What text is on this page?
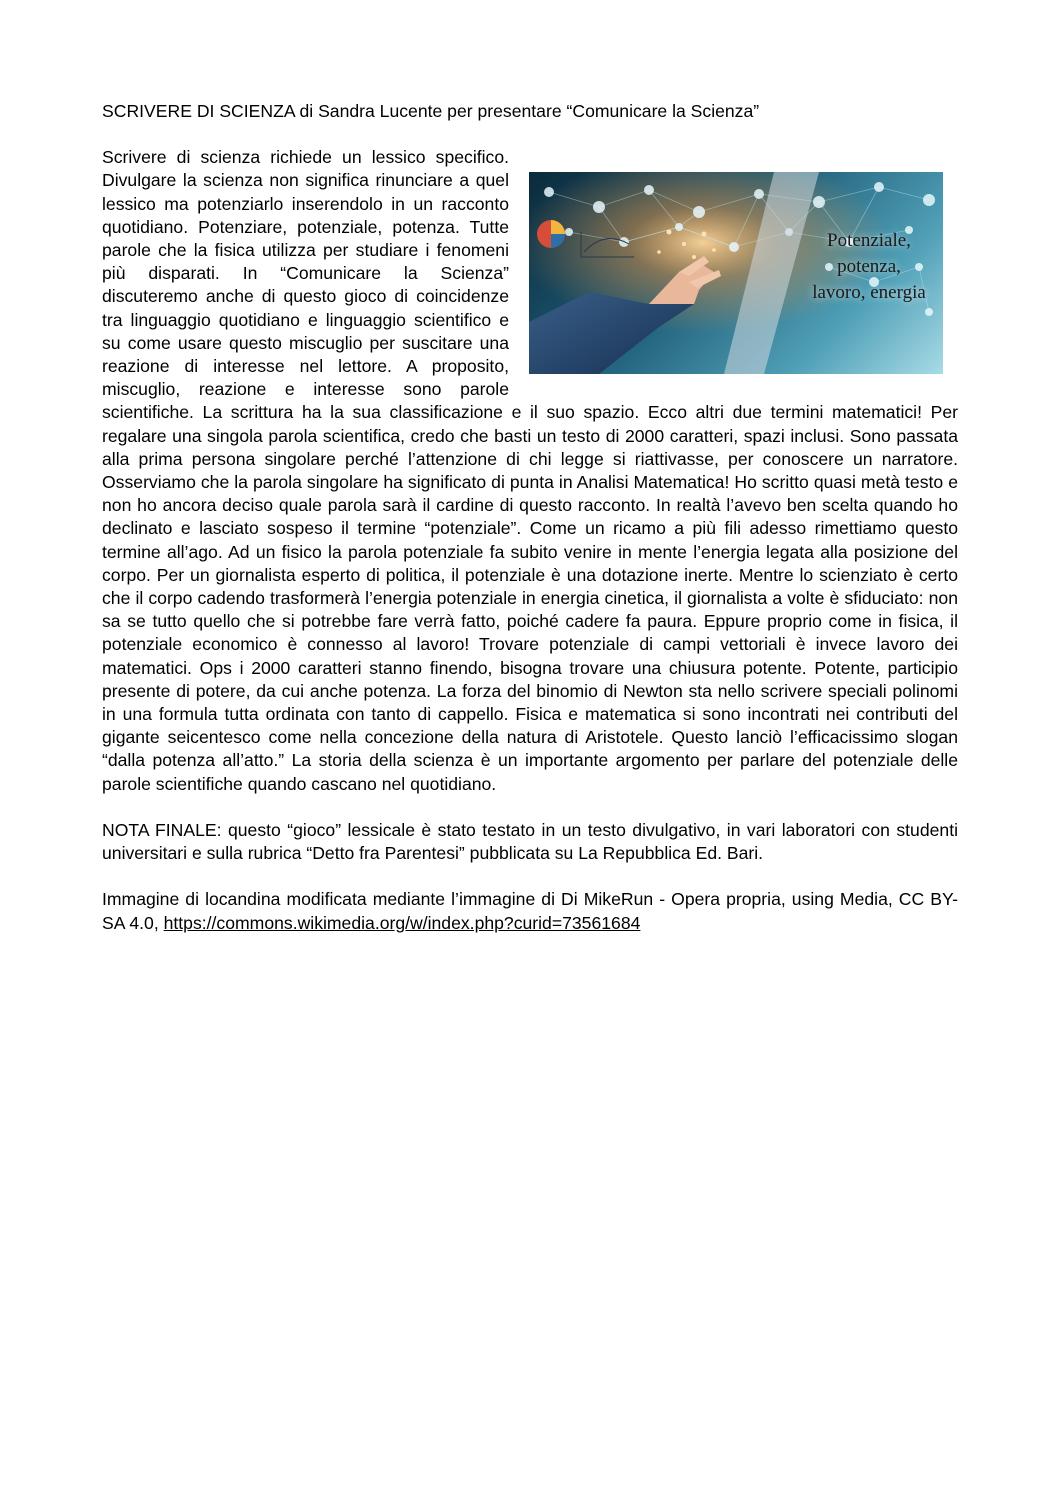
SCRIVERE DI SCIENZA di Sandra Lucente per presentare “Comunicare la Scienza”

Potenziale,
potenza,
lavoro, energia

Scrivere di scienza richiede un lessico specifico. Divulgare la scienza non significa rinunciare a quel lessico ma potenziarlo inserendolo in un racconto quotidiano. Potenziare, potenziale, potenza. Tutte parole che la fisica utilizza per studiare i fenomeni più disparati. In “Comunicare la Scienza” discuteremo anche di questo gioco di coincidenze tra linguaggio quotidiano e linguaggio scientifico e su come usare questo miscuglio per suscitare una reazione di interesse nel lettore. A proposito, miscuglio, reazione e interesse sono parole scientifiche. La scrittura ha la sua classificazione e il suo spazio. Ecco altri due termini matematici! Per regalare una singola parola scientifica, credo che basti un testo di 2000 caratteri, spazi inclusi. Sono passata alla prima persona singolare perché l’attenzione di chi legge si riattivasse, per conoscere un narratore. Osserviamo che la parola singolare ha significato di punta in Analisi Matematica! Ho scritto quasi metà testo e non ho ancora deciso quale parola sarà il cardine di questo racconto. In realtà l’avevo ben scelta quando ho declinato e lasciato sospeso il termine “potenziale”. Come un ricamo a più fili adesso rimettiamo questo termine all’ago. Ad un fisico la parola potenziale fa subito venire in mente l’energia legata alla posizione del corpo. Per un giornalista esperto di politica, il potenziale è una dotazione inerte. Mentre lo scienziato è certo che il corpo cadendo trasformerà l’energia potenziale in energia cinetica, il giornalista a volte è sfiduciato: non sa se tutto quello che si potrebbe fare verrà fatto, poiché cadere fa paura. Eppure proprio come in fisica, il potenziale economico è connesso al lavoro! Trovare potenziale di campi vettoriali è invece lavoro dei matematici. Ops i 2000 caratteri stanno finendo, bisogna trovare una chiusura potente. Potente, participio presente di potere, da cui anche potenza. La forza del binomio di Newton sta nello scrivere speciali polinomi in una formula tutta ordinata con tanto di cappello. Fisica e matematica si sono incontrati nei contributi del gigante seicentesco come nella concezione della natura di Aristotele. Questo lanciò l’efficacissimo slogan “dalla potenza all’atto.” La storia della scienza è un importante argomento per parlare del potenziale delle parole scientifiche quando cascano nel quotidiano.

NOTA FINALE: questo “gioco” lessicale è stato testato in un testo divulgativo, in vari laboratori con studenti universitari e sulla rubrica “Detto fra Parentesi” pubblicata su La Repubblica Ed. Bari.

Immagine di locandina modificata mediante l’immagine di Di MikeRun - Opera propria, using Media, CC BY-SA 4.0, https://commons.wikimedia.org/w/index.php?curid=73561684
